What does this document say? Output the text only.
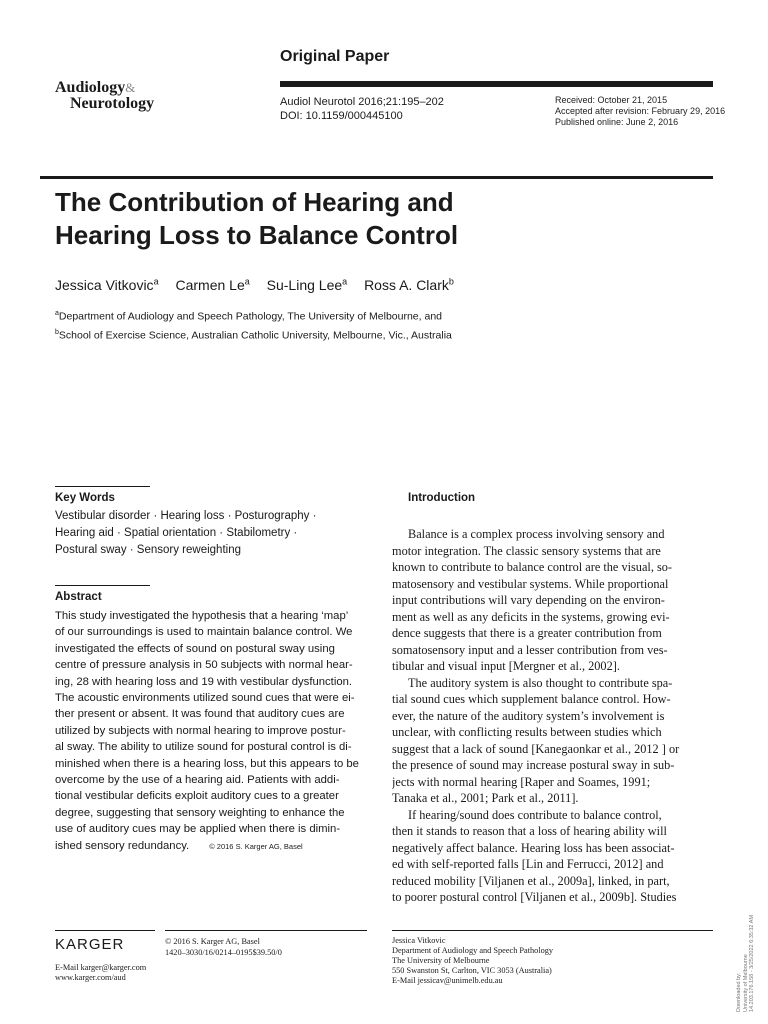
Original Paper
Audiology&
Neurotology	Audiol Neurotol 2016;21:195–202
DOI: 10.1159/000445100
Received: October 21, 2015
Accepted after revision: February 29, 2016
Published online: June 2, 2016
The Contribution of Hearing and
Hearing Loss to Balance Control
Jessica Vitkovic$^a$ Carmen Le$^a$ Su-Ling Lee$^a$ Ross A. Clark$^b$
$^a$Department of Audiology and Speech Pathology, The University of Melbourne, and
$^b$School of Exercise Science, Australian Catholic University, Melbourne, Vic., Australia
Key Words
Vestibular disorder · Hearing loss · Posturography ·
Hearing aid · Spatial orientation · Stabilometry ·
Postural sway · Sensory reweighting
Abstract
This study investigated the hypothesis that a hearing ‘map’
of our surroundings is used to maintain balance control. We
investigated the effects of sound on postural sway using
centre of pressure analysis in 50 subjects with normal hear-
ing, 28 with hearing loss and 19 with vestibular dysfunction.
The acoustic environments utilized sound cues that were ei-
ther present or absent. It was found that auditory cues are
utilized by subjects with normal hearing to improve postur-
al sway. The ability to utilize sound for postural control is di-
minished when there is a hearing loss, but this appears to be
overcome by the use of a hearing aid. Patients with addi-
tional vestibular deficits exploit auditory cues to a greater
degree, suggesting that sensory weighting to enhance the
use of auditory cues may be applied when there is dimin-
ished sensory redundancy.	© 2016 S. Karger AG, Basel
Introduction
Balance is a complex process involving sensory and
motor integration. The classic sensory systems that are
known to contribute to balance control are the visual, so-
matosensory and vestibular systems. While proportional
input contributions will vary depending on the environ-
ment as well as any deficits in the systems, growing evi-
dence suggests that there is a greater contribution from
somatosensory input and a lesser contribution from ves-
tibular and visual input [Mergner et al., 2002].
The auditory system is also thought to contribute spa-
tial sound cues which supplement balance control. How-
ever, the nature of the auditory system’s involvement is
unclear, with conflicting results between studies which
suggest that a lack of sound [Kanegaonkar et al., 2012 ] or
the presence of sound may increase postural sway in sub-
jects with normal hearing [Raper and Soames, 1991;
Tanaka et al., 2001; Park et al., 2011].
If hearing/sound does contribute to balance control,
then it stands to reason that a loss of hearing ability will
negatively affect balance. Hearing loss has been associat-
ed with self-reported falls [Lin and Ferrucci, 2012] and
reduced mobility [Viljanen et al., 2009a], linked, in part,
to poorer postural control [Viljanen et al., 2009b]. Studies
KARGER	© 2016 S. Karger AG, Basel
1420–3030/16/0214–0195$39.50/0
E-Mail karger@karger.com
www.karger.com/aud
Jessica Vitkovic
Department of Audiology and Speech Pathology
The University of Melbourne
550 Swanston St, Carlton, VIC 3053 (Australia)
E-Mail jessicav@unimelb.edu.au	Downloaded by: University of Melbourne 14.203.176.158 - 3/25/2022 6:35:32 AM
